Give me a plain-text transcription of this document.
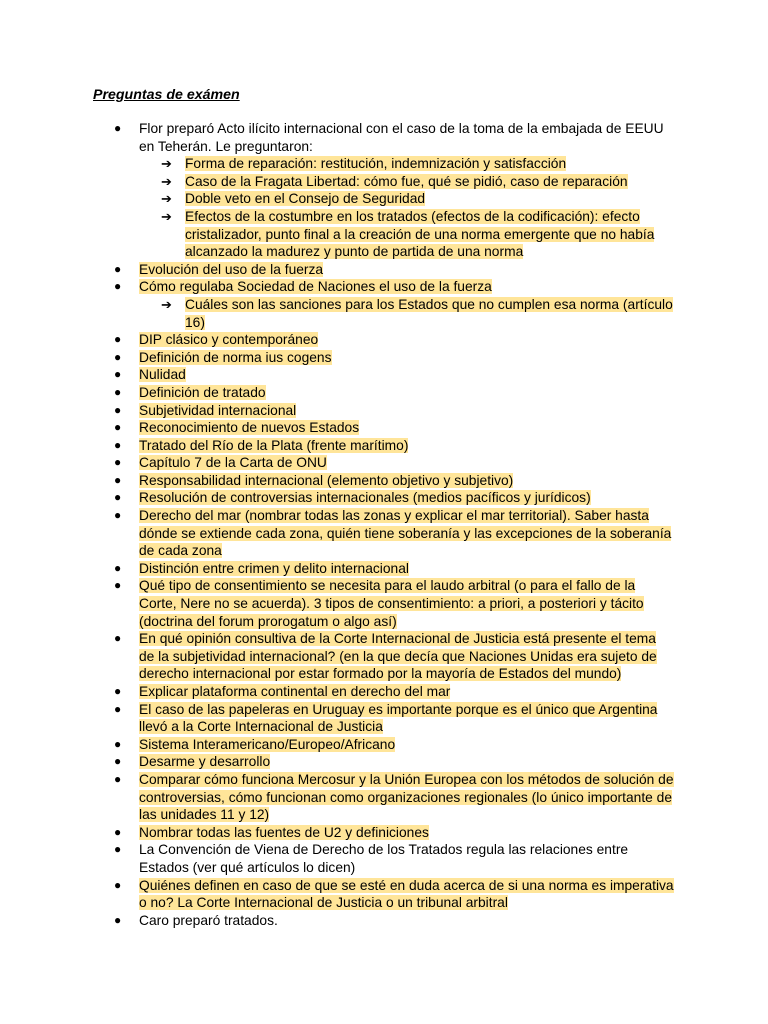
Preguntas de exámen
● Flor preparó Acto ilícito internacional con el caso de la toma de la embajada de EEUU en Teherán. Le preguntaron:
➔ Forma de reparación: restitución, indemnización y satisfacción
➔ Caso de la Fragata Libertad: cómo fue, qué se pidió, caso de reparación
➔ Doble veto en el Consejo de Seguridad
➔ Efectos de la costumbre en los tratados (efectos de la codificación): efecto cristalizador, punto final a la creación de una norma emergente que no había alcanzado la madurez y punto de partida de una norma
● Evolución del uso de la fuerza
● Cómo regulaba Sociedad de Naciones el uso de la fuerza
➔ Cuáles son las sanciones para los Estados que no cumplen esa norma (artículo 16)
● DIP clásico y contemporáneo
● Definición de norma ius cogens
● Nulidad
● Definición de tratado
● Subjetividad internacional
● Reconocimiento de nuevos Estados
● Tratado del Río de la Plata (frente marítimo)
● Capítulo 7 de la Carta de ONU
● Responsabilidad internacional (elemento objetivo y subjetivo)
● Resolución de controversias internacionales (medios pacíficos y jurídicos)
● Derecho del mar (nombrar todas las zonas y explicar el mar territorial). Saber hasta dónde se extiende cada zona, quién tiene soberanía y las excepciones de la soberanía de cada zona
● Distinción entre crimen y delito internacional
● Qué tipo de consentimiento se necesita para el laudo arbitral (o para el fallo de la Corte, Nere no se acuerda). 3 tipos de consentimiento: a priori, a posteriori y tácito (doctrina del forum prorogatum o algo así)
● En qué opinión consultiva de la Corte Internacional de Justicia está presente el tema de la subjetividad internacional? (en la que decía que Naciones Unidas era sujeto de derecho internacional por estar formado por la mayoría de Estados del mundo)
● Explicar plataforma continental en derecho del mar
● El caso de las papeleras en Uruguay es importante porque es el único que Argentina llevó a la Corte Internacional de Justicia
● Sistema Interamericano/Europeo/Africano
● Desarme y desarrollo
● Comparar cómo funciona Mercosur y la Unión Europea con los métodos de solución de controversias, cómo funcionan como organizaciones regionales (lo único importante de las unidades 11 y 12)
● Nombrar todas las fuentes de U2 y definiciones
● La Convención de Viena de Derecho de los Tratados regula las relaciones entre Estados (ver qué artículos lo dicen)
● Quiénes definen en caso de que se esté en duda acerca de si una norma es imperativa o no? La Corte Internacional de Justicia o un tribunal arbitral
● Caro preparó tratados.
